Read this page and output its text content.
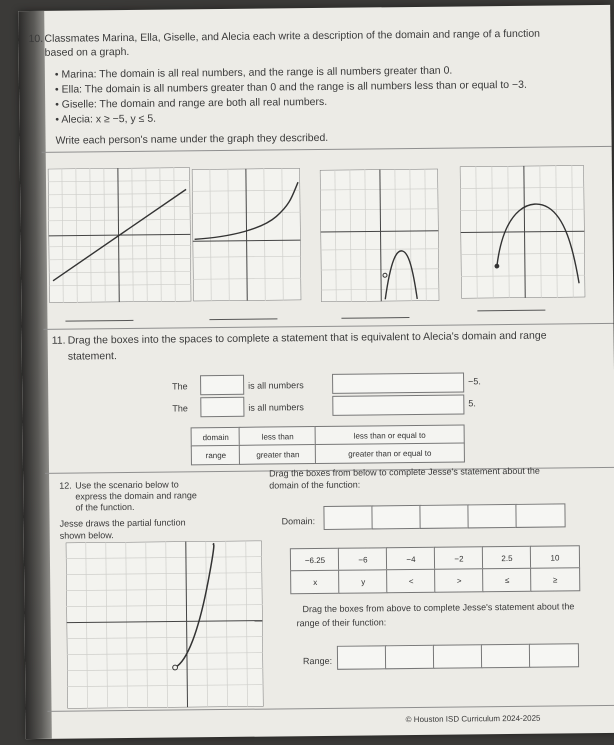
10. Classmates Marina, Ella, Giselle, and Alecia each write a description of the domain and range of a function
based on a graph.
• Marina: The domain is all real numbers, and the range is all numbers greater than 0.
• Ella: The domain is all numbers greater than 0 and the range is all numbers less than or equal to −3.
• Giselle: The domain and range are both all real numbers.
• Alecia: x ≥ −5, y ≤ 5.
Write each person's name under the graph they described.
11. Drag the boxes into the spaces to complete a statement that is equivalent to Alecia's domain and range
statement.
The	is all numbers	−5.
The	is all numbers	5.
domain	less than	less than or equal to
range	greater than	greater than or equal to
12. Use the scenario below to
express the domain and range
of the function.
Jesse draws the partial function
shown below.
Drag the boxes from below to complete Jesse's statement about the
domain of the function:
Domain:
−6.25	−6	−4	−2	2.5	10
x	y	<	>	≤	≥
Drag the boxes from above to complete Jesse's statement about the
range of their function:
Range:
© Houston ISD Curriculum 2024-2025
